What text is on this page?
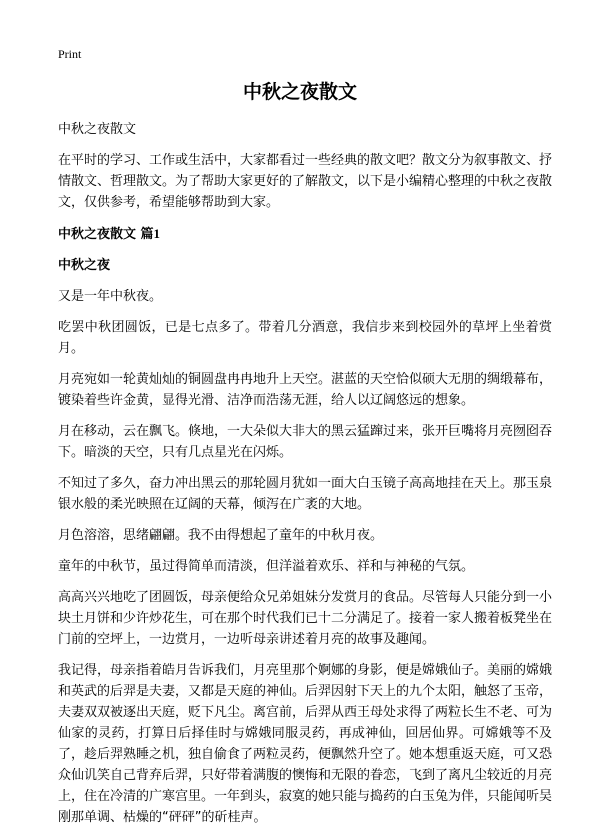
Print
中秋之夜散文

中秋之夜散文

在平时的学习、工作或生活中，大家都看过一些经典的散文吧？散文分为叙事散文、抒情散文、哲理散文。为了帮助大家更好的了解散文，以下是小编精心整理的中秋之夜散文，仅供参考，希望能够帮助到大家。

中秋之夜散文 篇1

中秋之夜

又是一年中秋夜。

吃罢中秋团圆饭，已是七点多了。带着几分酒意，我信步来到校园外的草坪上坐着赏月。

月亮宛如一轮黄灿灿的铜圆盘冉冉地升上天空。湛蓝的天空恰似硕大无朋的绸缎幕布，镀染着些许金黄，显得光滑、洁净而浩荡无涯，给人以辽阔悠远的想象。

月在移动，云在飘飞。倏地，一大朵似大非大的黑云猛蹿过来，张开巨嘴将月亮囫囵吞下。暗淡的天空，只有几点星光在闪烁。

不知过了多久，奋力冲出黑云的那轮圆月犹如一面大白玉镜子高高地挂在天上。那玉泉银水般的柔光映照在辽阔的天幕，倾泻在广袤的大地。

月色溶溶，思绪翩翩。我不由得想起了童年的中秋月夜。

童年的中秋节，虽过得简单而清淡，但洋溢着欢乐、祥和与神秘的气氛。

高高兴兴地吃了团圆饭，母亲便给众兄弟姐妹分发赏月的食品。尽管每人只能分到一小块土月饼和少许炒花生，可在那个时代我们已十二分满足了。接着一家人搬着板凳坐在门前的空坪上，一边赏月，一边听母亲讲述着月亮的故事及趣闻。

我记得，母亲指着皓月告诉我们，月亮里那个婀娜的身影，便是嫦娥仙子。美丽的嫦娥和英武的后羿是夫妻，又都是天庭的神仙。后羿因射下天上的九个太阳，触怒了玉帝，夫妻双双被逐出天庭，贬下凡尘。离宫前，后羿从西王母处求得了两粒长生不老、可为仙家的灵药，打算日后择佳时与嫦娥同服灵药，再成神仙，回居仙界。可嫦娥等不及了，趁后羿熟睡之机，独自偷食了两粒灵药，便飘然升空了。她本想重返天庭，可又恐众仙讥笑自己背弃后羿，只好带着满腹的懊悔和无限的眷恋，飞到了离凡尘较近的月亮上，住在冷清的广寒宫里。一年到头，寂寞的她只能与捣药的白玉兔为伴，只能闻听吴刚那单调、枯燥的“砰砰”的斫桂声。
